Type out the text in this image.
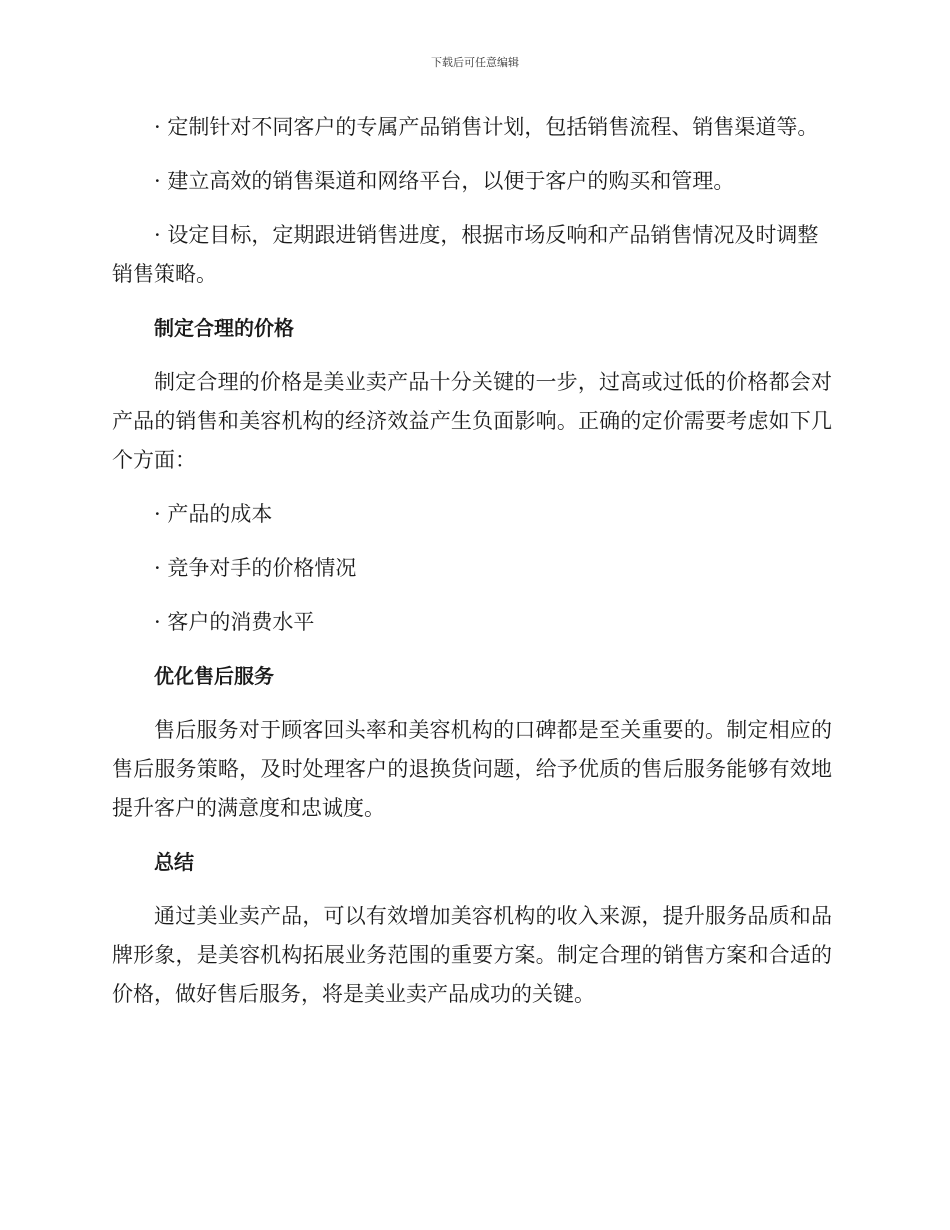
下载后可任意编辑

· 定制针对不同客户的专属产品销售计划，包括销售流程、销售渠道等。

· 建立高效的销售渠道和网络平台，以便于客户的购买和管理。

· 设定目标，定期跟进销售进度，根据市场反响和产品销售情况及时调整销售策略。

制定合理的价格

制定合理的价格是美业卖产品十分关键的一步，过高或过低的价格都会对产品的销售和美容机构的经济效益产生负面影响。正确的定价需要考虑如下几个方面：

· 产品的成本

· 竞争对手的价格情况

· 客户的消费水平

优化售后服务

售后服务对于顾客回头率和美容机构的口碑都是至关重要的。制定相应的售后服务策略，及时处理客户的退换货问题，给予优质的售后服务能够有效地提升客户的满意度和忠诚度。

总结

通过美业卖产品，可以有效增加美容机构的收入来源，提升服务品质和品牌形象，是美容机构拓展业务范围的重要方案。制定合理的销售方案和合适的价格，做好售后服务，将是美业卖产品成功的关键。
